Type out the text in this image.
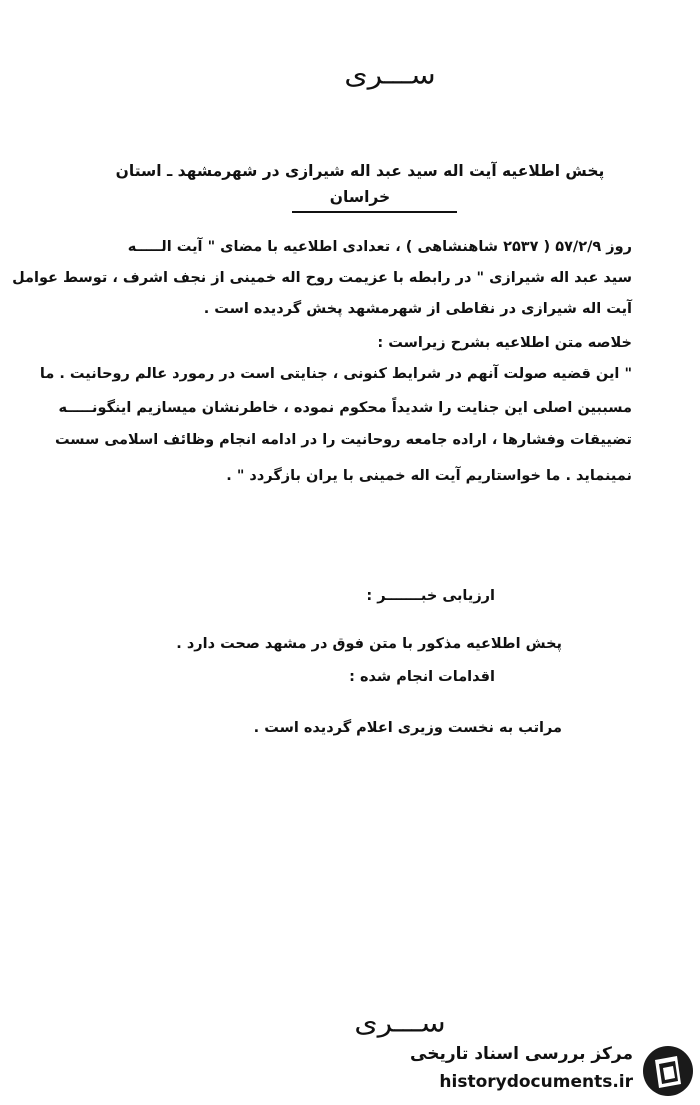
ســـری
پخش اطلاعیه آیت اله سید عبد اله شیرازی در شهرمشهد ـ استان
خراسان
روز ۵۷/۲/۹ ( ۲۵۳۷ شاهنشاهی ) ، تعدادی اطلاعیه با مضای " آیت الـــــه
سید عبد اله شیرازی " در رابطه با عزیمت روح اله خمینی از نجف اشرف ، توسط عوامل
آیت اله شیرازی در نقاطی از شهرمشهد پخش گردیده است .
خلاصه متن اطلاعیه بشرح زیراست :
" این قضیه صولت آنهم در شرایط کنونی ، جنایتی است در رمورد عالم روحانیت . ما
مسببین اصلی این جنایت را شدیداً محکوم نموده ، خاطرنشان میسازیم اینگونـــــه
تضییقات وفشارها ، اراده جامعه روحانیت را در ادامه انجام وظائف اسلامی سست
نمینماید . ما خواستاریم آیت اله خمینی با یران بازگردد " .
ارزیابی خبـــــــر :
پخش اطلاعیه مذکور با متن فوق در مشهد صحت دارد .
اقدامات انجام شده :
مراتب به نخست وزیری اعلام گردیده است .
ســـری
مرکز بررسی اسناد تاریخی
historydocuments.ir
